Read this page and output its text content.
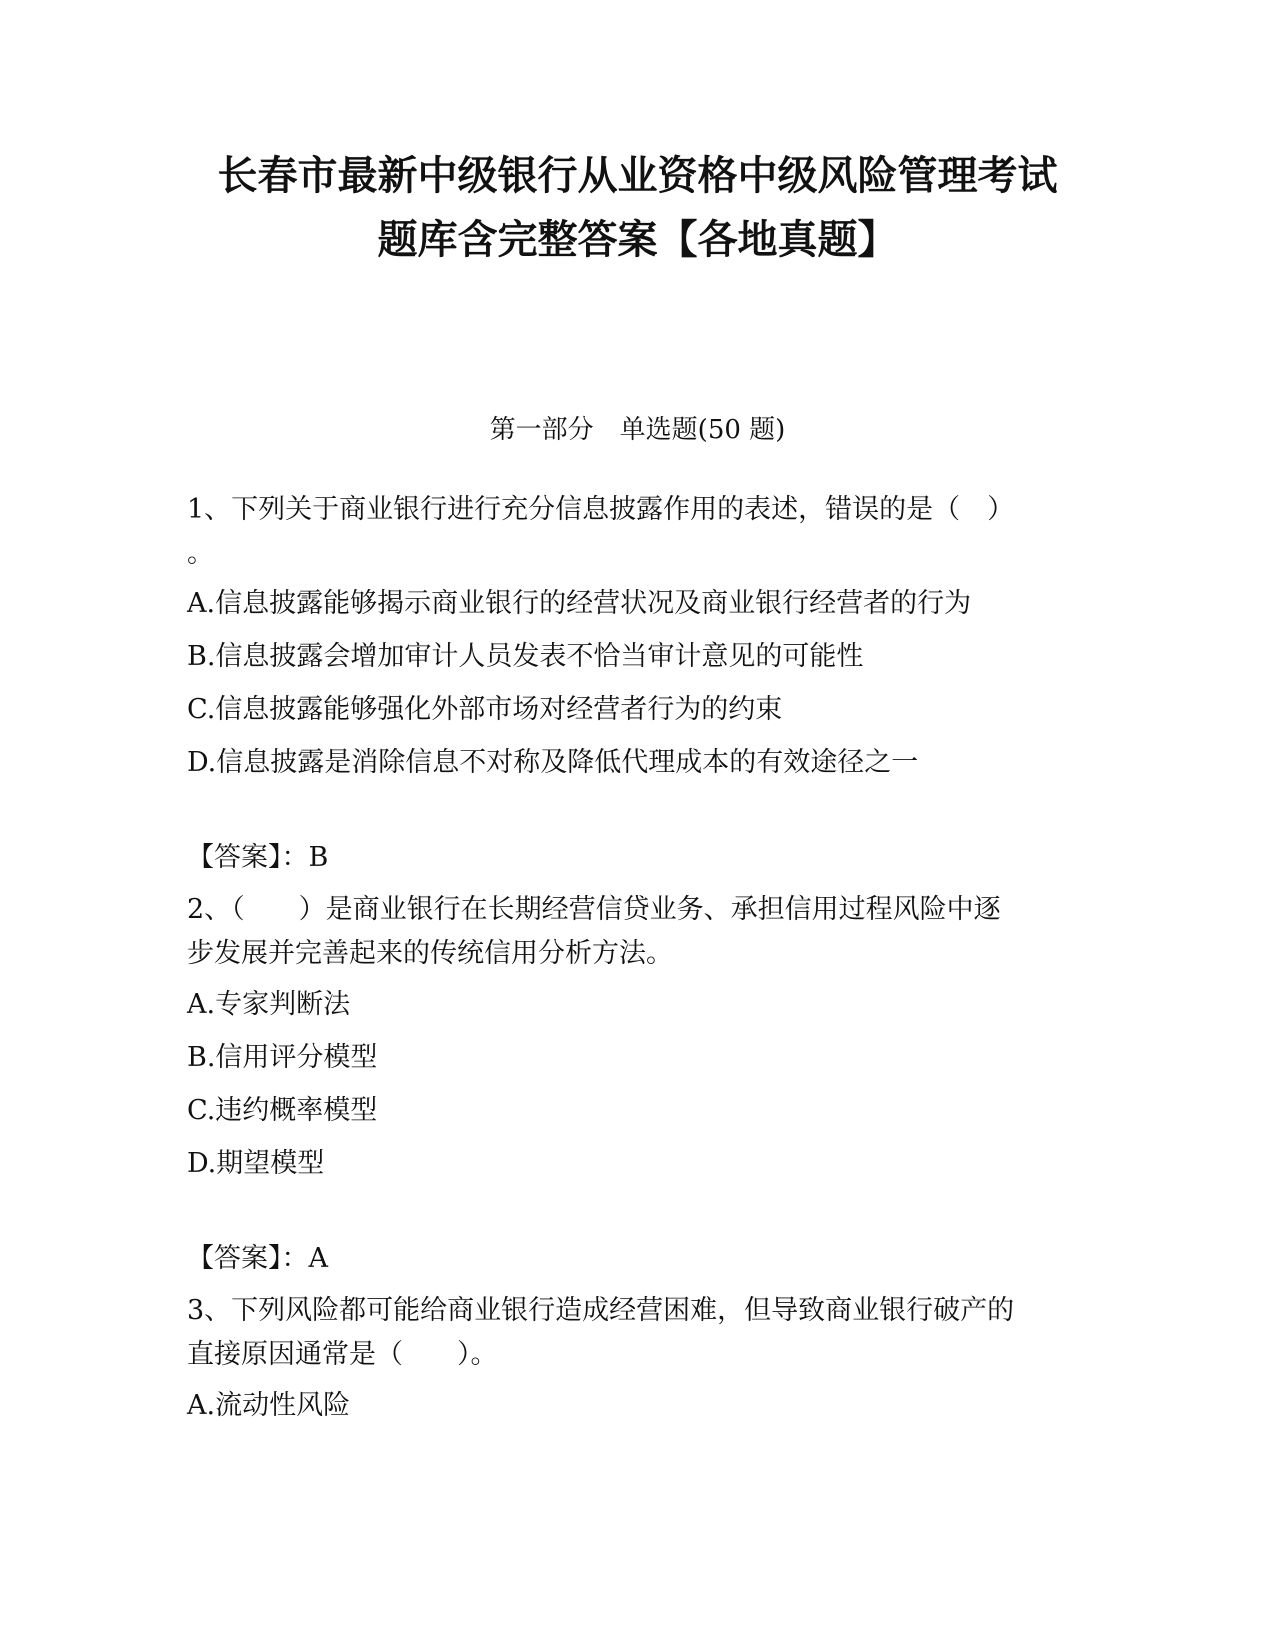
长春市最新中级银行从业资格中级风险管理考试
题库含完整答案【各地真题】
第一部分　单选题(50 题)
1、下列关于商业银行进行充分信息披露作用的表述，错误的是（　）
。
A.信息披露能够揭示商业银行的经营状况及商业银行经营者的行为
B.信息披露会增加审计人员发表不恰当审计意见的可能性
C.信息披露能够强化外部市场对经营者行为的约束
D.信息披露是消除信息不对称及降低代理成本的有效途径之一
【答案】：B
2、（　　）是商业银行在长期经营信贷业务、承担信用过程风险中逐
步发展并完善起来的传统信用分析方法。
A.专家判断法
B.信用评分模型
C.违约概率模型
D.期望模型
【答案】：A
3、下列风险都可能给商业银行造成经营困难，但导致商业银行破产的
直接原因通常是（　　）。
A.流动性风险
